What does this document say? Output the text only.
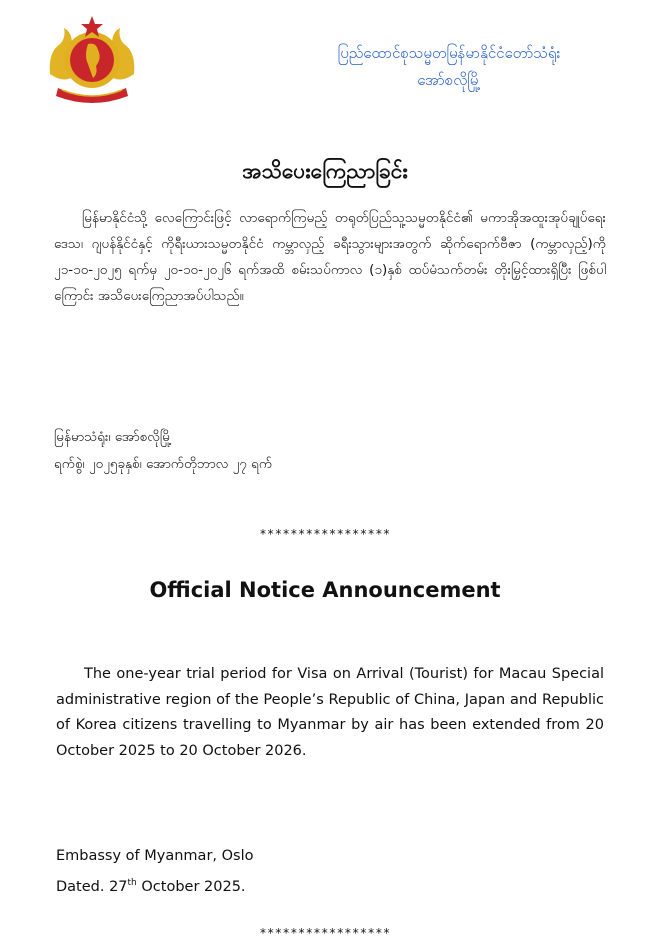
ပြည်ထောင်စုသမ္မတမြန်မာနိုင်ငံတော်သံရုံး
အော်စလိုမြို့
အသိပေးကြေညာခြင်း
မြန်မာနိုင်ငံသို့ လေကြောင်းဖြင့် လာရောက်ကြမည့် တရုတ်ပြည်သူ့သမ္မတနိုင်ငံ၏ မကာအိုအထူးအုပ်ချုပ်ရေးဒေသ၊ ဂျပန်နိုင်ငံနှင့် ကိုရီးယားသမ္မတနိုင်ငံ ကမ္ဘာလှည့် ခရီးသွားများအတွက် ဆိုက်ရောက်ဗီဇာ (ကမ္ဘာလှည့်)ကို ၂၁-၁၀-၂၀၂၅ ရက်မှ ၂၀-၁၀-၂၀၂၆ ရက်အထိ စမ်းသပ်ကာလ (၁)နှစ် ထပ်မံသက်တမ်း တိုးမြှင့်ထားရှိပြီး ဖြစ်ပါကြောင်း အသိပေးကြေညာအပ်ပါသည်။
မြန်မာသံရုံး၊ အော်စလိုမြို့
ရက်စွဲ၊ ၂၀၂၅ခုနှစ်၊ အောက်တိုဘာလ ၂၇ ရက်
*****************
Official Notice Announcement
The one-year trial period for Visa on Arrival (Tourist) for Macau Special administrative region of the People’s Republic of China, Japan and Republic of Korea citizens travelling to Myanmar by air has been extended from 20 October 2025 to 20 October 2026.
Embassy of Myanmar, Oslo
Dated. 27th October 2025.
*****************
